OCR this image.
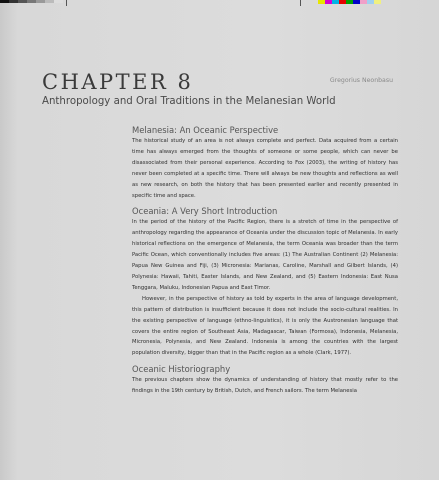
CHAPTER 8	Gregorius Neonbasu
Anthropology and Oral Traditions in the Melanesian World
Melanesia: An Oceanic Perspective

The historical study of an area is not always complete and perfect. Data acquired from a certain time has always emerged from the thoughts of someone or some people, which can never be disassociated from their personal experience. According to Fox (2003), the writing of history has never been completed at a specific time. There will always be new thoughts and reflections as well as new research, on both the history that has been presented earlier and recently presented in specific time and space.

Oceania: A Very Short Introduction

In the period of the history of the Pacific Region, there is a stretch of time in the perspective of anthropology regarding the appearance of Oceania under the discussion topic of Melanesia. In early historical reflections on the emergence of Melanesia, the term Oceania was broader than the term Pacific Ocean, which conventionally includes five areas: (1) The Australian Continent (2) Melanesia: Papua New Guinea and Fiji, (3) Micronesia: Marianas, Caroline, Marshall and Gilbert Islands, (4) Polynesia: Hawaii, Tahiti, Easter Islands, and New Zealand, and (5) Eastern Indonesia: East Nusa Tenggara, Maluku, Indonesian Papua and East Timor.

However, in the perspective of history as told by experts in the area of language development, this pattern of distribution is insufficient because it does not include the socio-cultural realities. In the existing perspective of language (ethno-linguistics), it is only the Austronesian language that covers the entire region of Southeast Asia, Madagascar, Taiwan (Formosa), Indonesia, Melanesia, Micronesia, Polynesia, and New Zealand. Indonesia is among the countries with the largest population diversity, bigger than that in the Pacific region as a whole (Clark, 1977).

Oceanic Historiography

The previous chapters show the dynamics of understanding of history that mostly refer to the findings in the 19th century by British, Dutch, and French sailors. The term Melanesia
